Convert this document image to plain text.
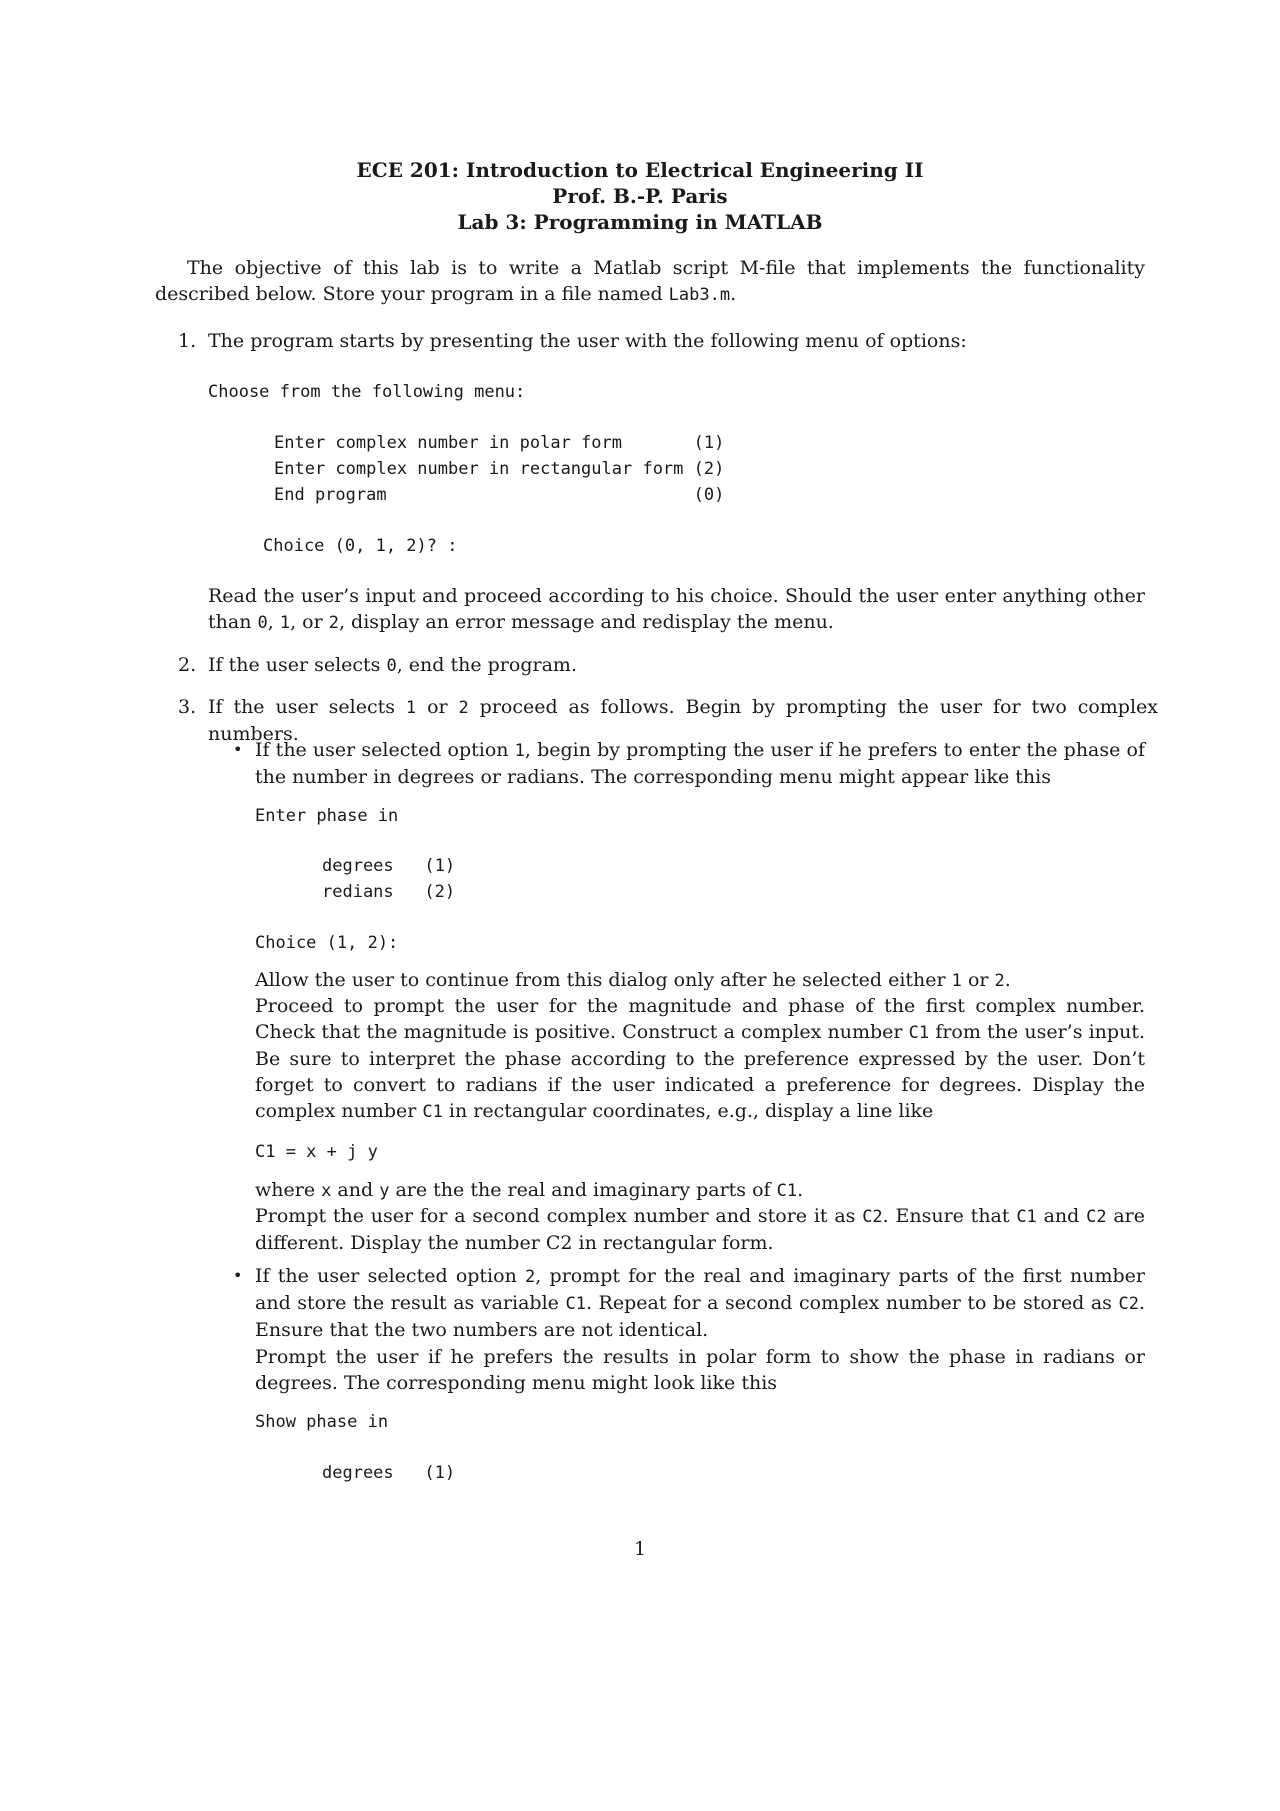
ECE 201: Introduction to Electrical Engineering II
Prof. B.-P. Paris
Lab 3: Programming in MATLAB
The objective of this lab is to write a Matlab script M-file that implements the functionality described below. Store your program in a file named Lab3.m.
1. The program starts by presenting the user with the following menu of options:
Choose from the following menu:
Enter complex number in polar form       (1)
Enter complex number in rectangular form (2)
End program                              (0)
Choice (0, 1, 2)? :
Read the user’s input and proceed according to his choice. Should the user enter anything other than 0, 1, or 2, display an error message and redisplay the menu.
2. If the user selects 0, end the program.
3. If the user selects 1 or 2 proceed as follows. Begin by prompting the user for two complex numbers.
• If the user selected option 1, begin by prompting the user if he prefers to enter the phase of the number in degrees or radians. The corresponding menu might appear like this
Enter phase in
degrees   (1)
redians   (2)
Choice (1, 2):
Allow the user to continue from this dialog only after he selected either 1 or 2.
Proceed to prompt the user for the magnitude and phase of the first complex number. Check that the magnitude is positive. Construct a complex number C1 from the user’s input. Be sure to interpret the phase according to the preference expressed by the user. Don’t forget to convert to radians if the user indicated a preference for degrees. Display the complex number C1 in rectangular coordinates, e.g., display a line like
C1 = x + j y
where x and y are the the real and imaginary parts of C1.
Prompt the user for a second complex number and store it as C2. Ensure that C1 and C2 are different. Display the number C2 in rectangular form.
• If the user selected option 2, prompt for the real and imaginary parts of the first number and store the result as variable C1. Repeat for a second complex number to be stored as C2. Ensure that the two numbers are not identical.
Prompt the user if he prefers the results in polar form to show the phase in radians or degrees. The corresponding menu might look like this
Show phase in
degrees   (1)
1
